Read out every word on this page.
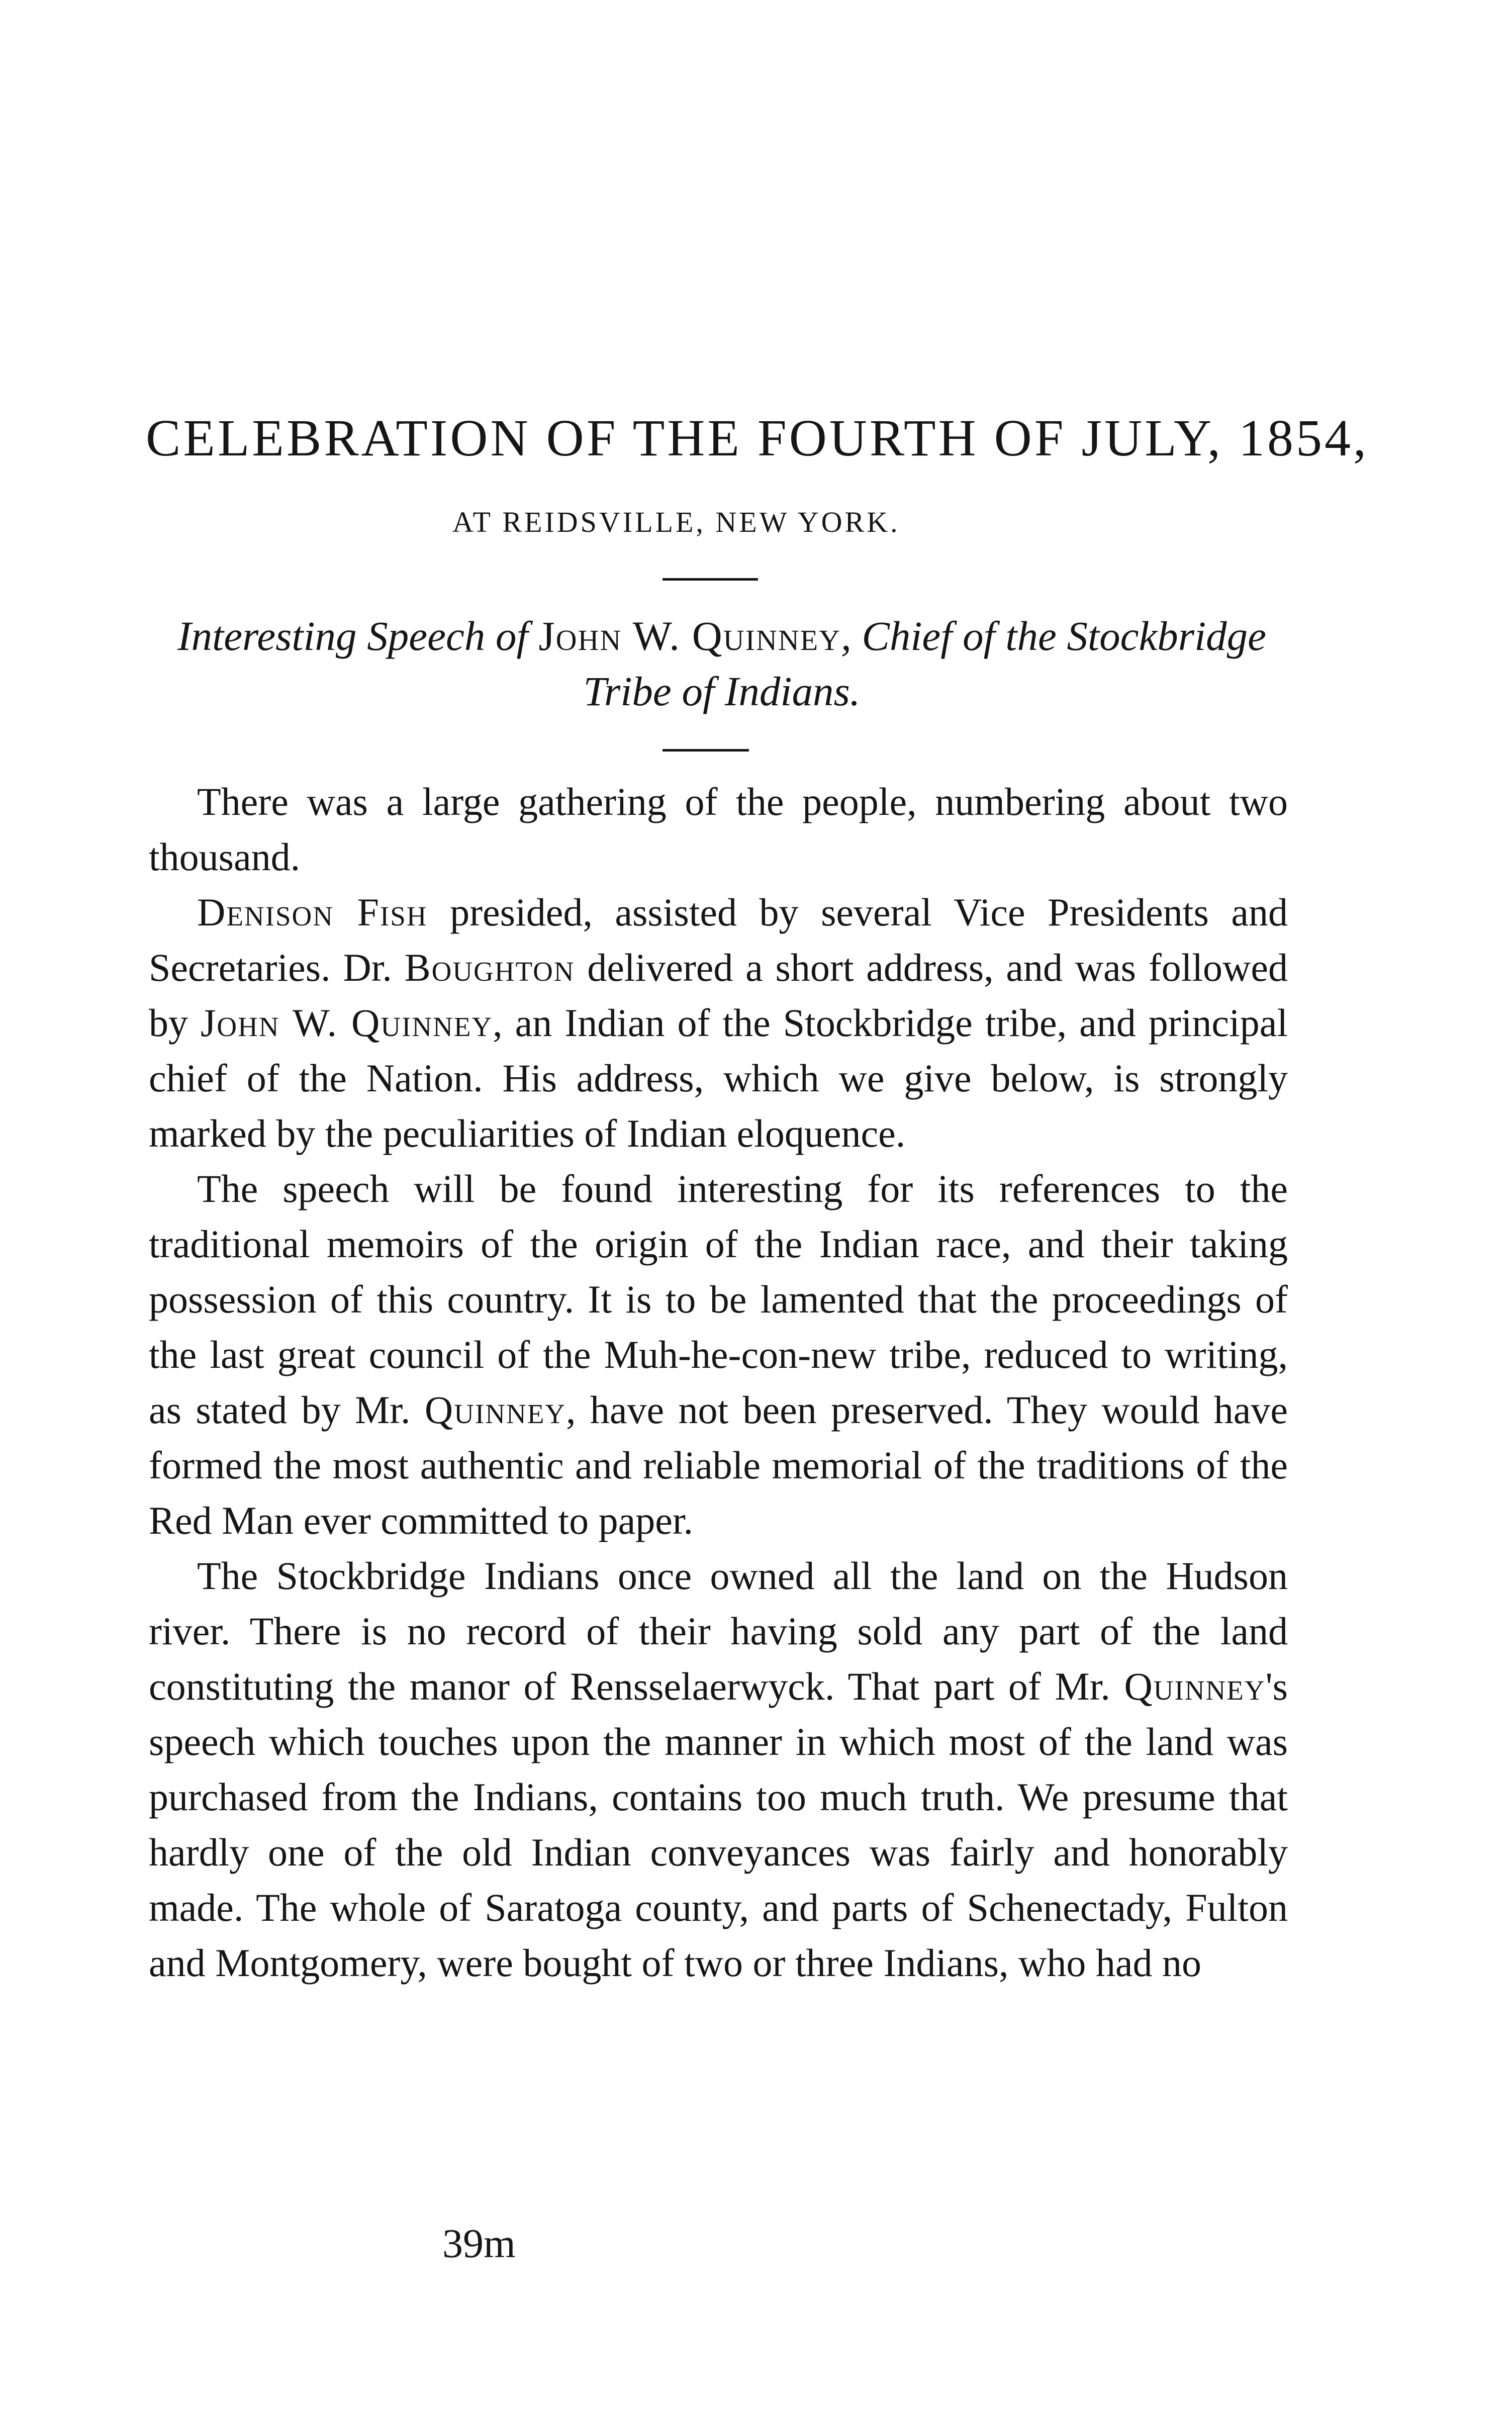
CELEBRATION OF THE FOURTH OF JULY, 1854,
AT REIDSVILLE, NEW YORK.
Interesting Speech of John W. Quinney, Chief of the Stockbridge Tribe of Indians.

There was a large gathering of the people, numbering about two thousand.

Denison Fish presided, assisted by several Vice Presidents and Secretaries. Dr. Boughton delivered a short address, and was followed by John W. Quinney, an Indian of the Stockbridge tribe, and principal chief of the Nation. His address, which we give below, is strongly marked by the peculiarities of Indian eloquence.

The speech will be found interesting for its references to the traditional memoirs of the origin of the Indian race, and their taking possession of this country. It is to be lamented that the proceedings of the last great council of the Muh-he-con-new tribe, reduced to writing, as stated by Mr. Quinney, have not been preserved. They would have formed the most authentic and reliable memorial of the traditions of the Red Man ever committed to paper.

The Stockbridge Indians once owned all the land on the Hudson river. There is no record of their having sold any part of the land constituting the manor of Rensselaerwyck. That part of Mr. Quinney's speech which touches upon the manner in which most of the land was purchased from the Indians, contains too much truth. We presume that hardly one of the old Indian conveyances was fairly and honorably made. The whole of Saratoga county, and parts of Schenectady, Fulton and Montgomery, were bought of two or three Indians, who had no

39m
